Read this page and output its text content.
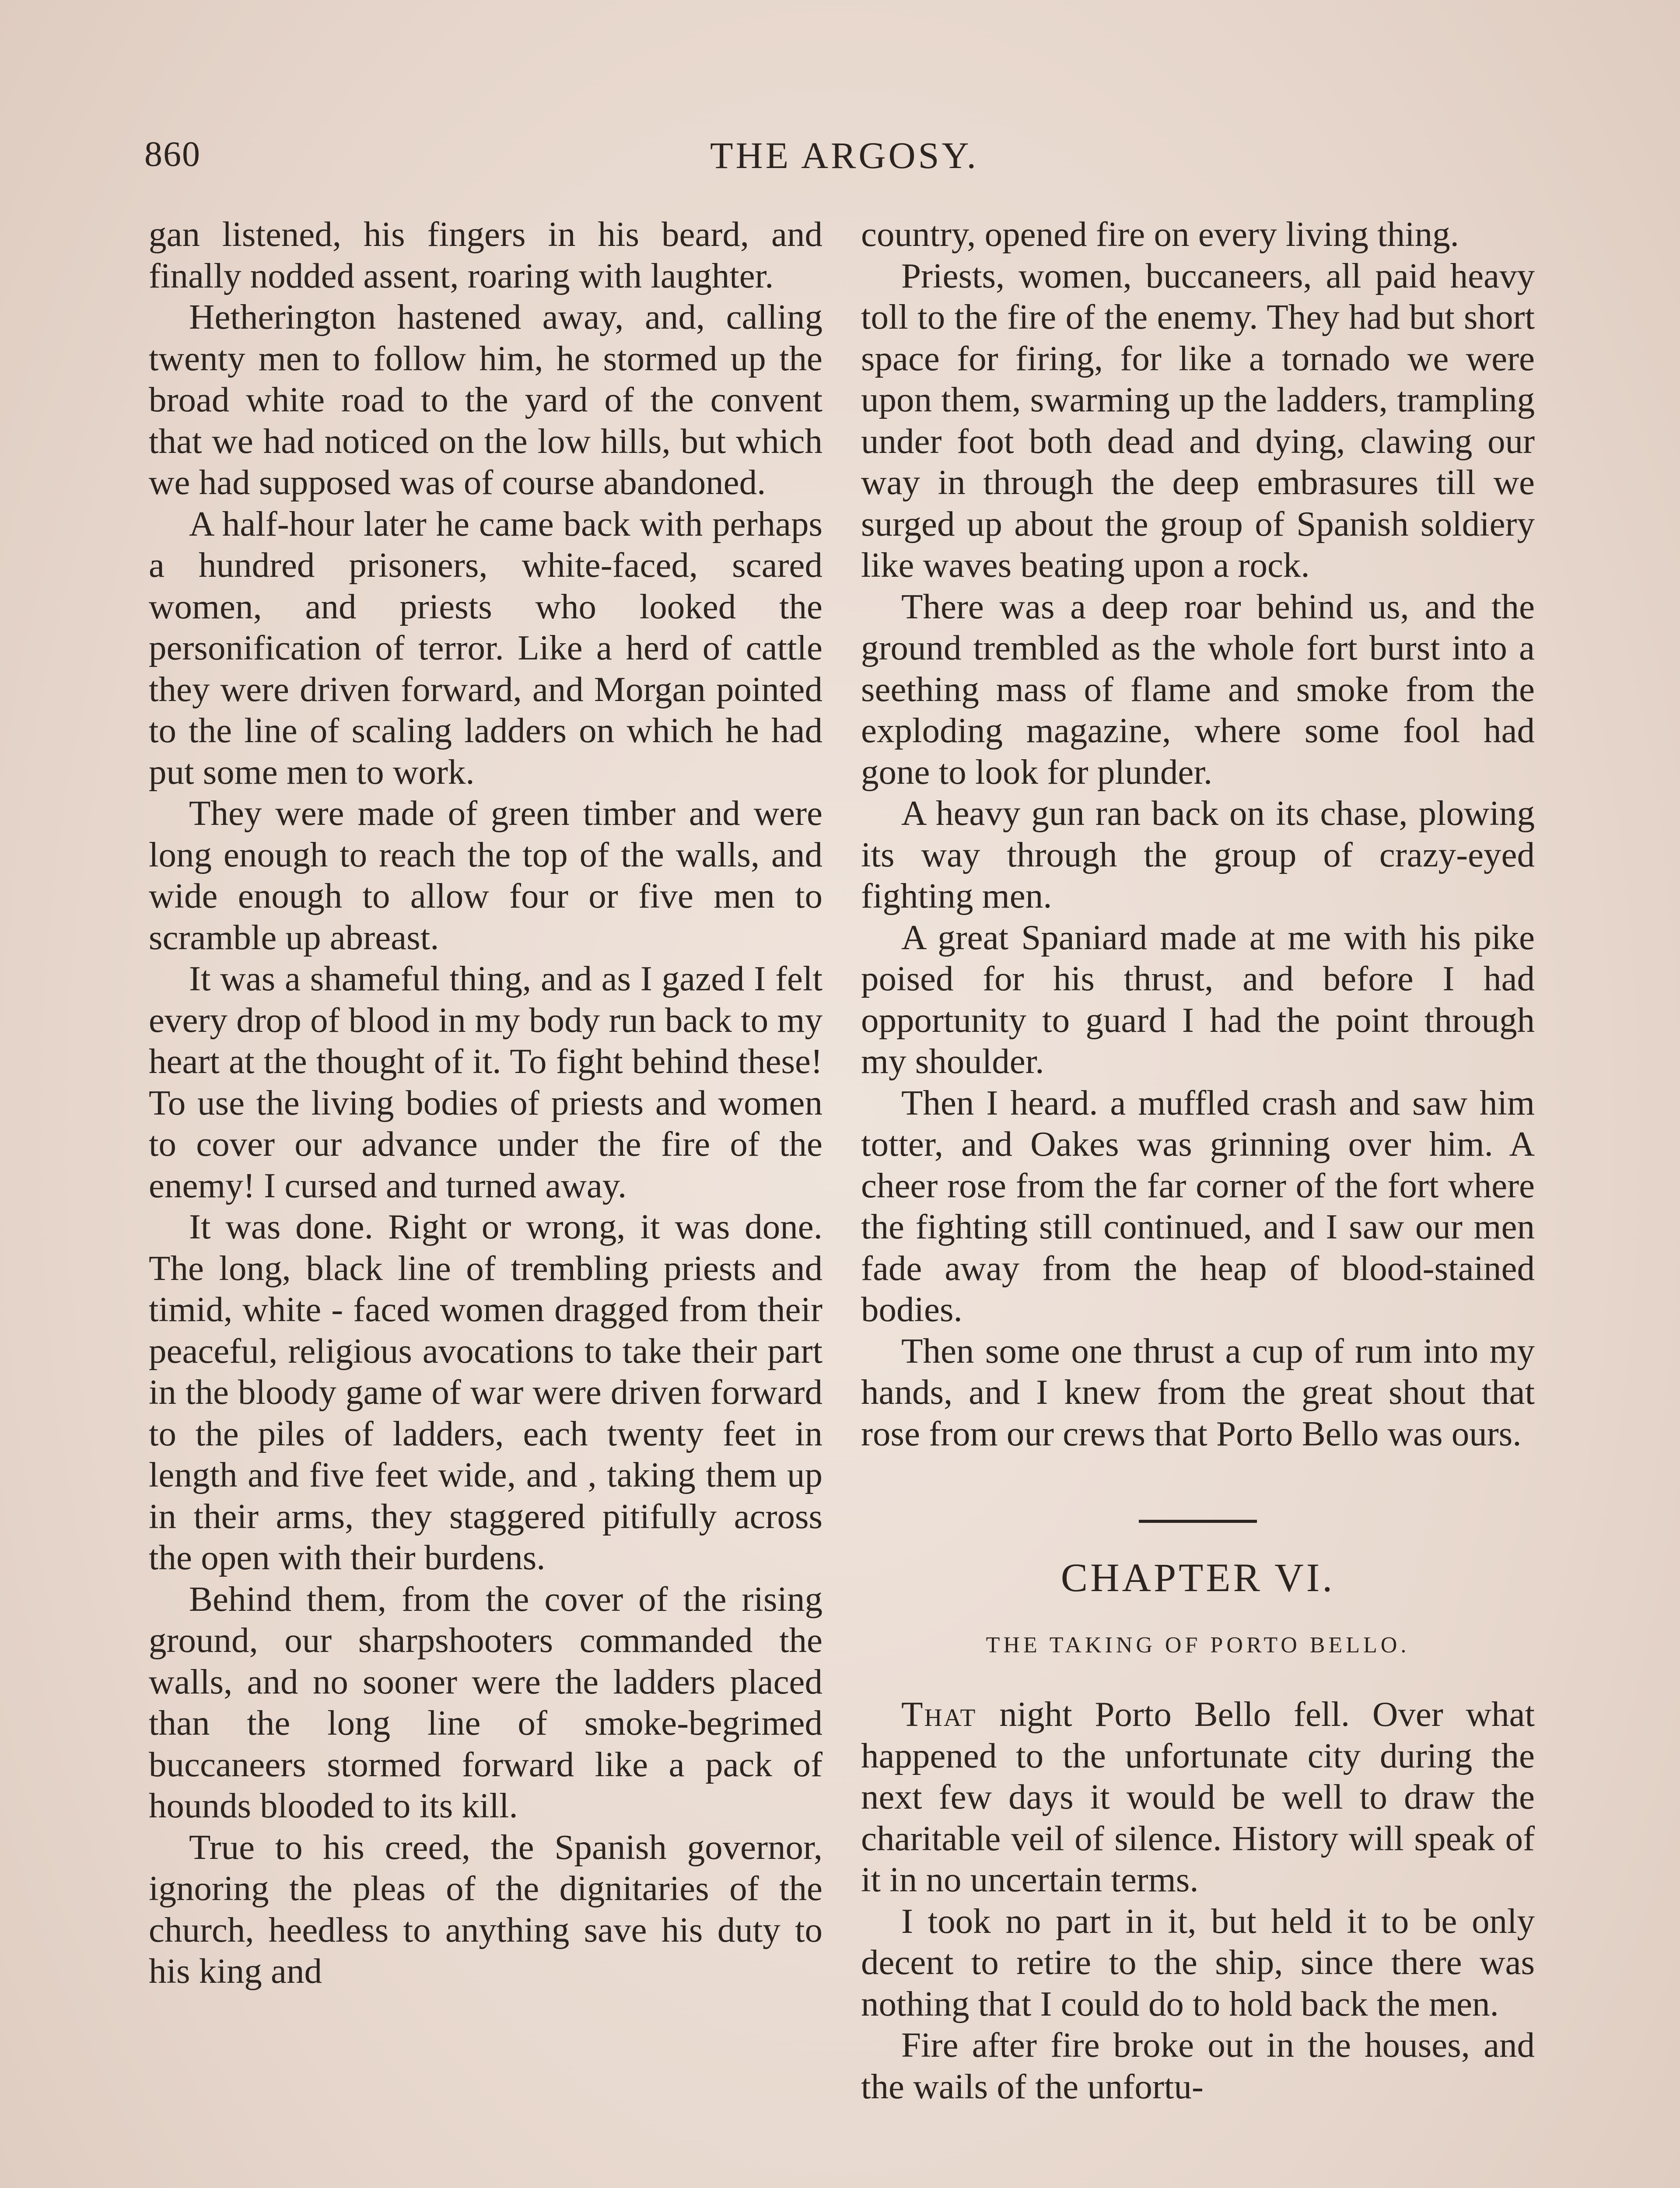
860	THE ARGOSY.

gan listened, his fingers in his beard, and finally nodded assent, roaring with laughter.

Hetherington hastened away, and, calling twenty men to follow him, he stormed up the broad white road to the yard of the convent that we had noticed on the low hills, but which we had supposed was of course abandoned.

A half-hour later he came back with perhaps a hundred prisoners, white-faced, scared women, and priests who looked the personification of terror. Like a herd of cattle they were driven forward, and Morgan pointed to the line of scaling ladders on which he had put some men to work.

They were made of green timber and were long enough to reach the top of the walls, and wide enough to allow four or five men to scramble up abreast.

It was a shameful thing, and as I gazed I felt every drop of blood in my body run back to my heart at the thought of it. To fight behind these! To use the living bodies of priests and women to cover our advance under the fire of the enemy! I cursed and turned away.

It was done. Right or wrong, it was done. The long, black line of trembling priests and timid, white - faced women dragged from their peaceful, religious avocations to take their part in the bloody game of war were driven forward to the piles of ladders, each twenty feet in length and five feet wide, and , taking them up in their arms, they staggered pitifully across the open with their burdens.

Behind them, from the cover of the rising ground, our sharpshooters commanded the walls, and no sooner were the ladders placed than the long line of smoke-begrimed buccaneers stormed forward like a pack of hounds blooded to its kill.

True to his creed, the Spanish governor, ignoring the pleas of the dignitaries of the church, heedless to anything save his duty to his king and

country, opened fire on every living thing.

Priests, women, buccaneers, all paid heavy toll to the fire of the enemy. They had but short space for firing, for like a tornado we were upon them, swarming up the ladders, trampling under foot both dead and dying, clawing our way in through the deep embrasures till we surged up about the group of Spanish soldiery like waves beating upon a rock.

There was a deep roar behind us, and the ground trembled as the whole fort burst into a seething mass of flame and smoke from the exploding magazine, where some fool had gone to look for plunder.

A heavy gun ran back on its chase, plowing its way through the group of crazy-eyed fighting men.

A great Spaniard made at me with his pike poised for his thrust, and before I had opportunity to guard I had the point through my shoulder.

Then I heard. a muffled crash and saw him totter, and Oakes was grinning over him. A cheer rose from the far corner of the fort where the fighting still continued, and I saw our men fade away from the heap of blood-stained bodies.

Then some one thrust a cup of rum into my hands, and I knew from the great shout that rose from our crews that Porto Bello was ours.

CHAPTER VI.
THE TAKING OF PORTO BELLO.

That night Porto Bello fell. Over what happened to the unfortunate city during the next few days it would be well to draw the charitable veil of silence. History will speak of it in no uncertain terms.

I took no part in it, but held it to be only decent to retire to the ship, since there was nothing that I could do to hold back the men.

Fire after fire broke out in the houses, and the wails of the unfortu-
